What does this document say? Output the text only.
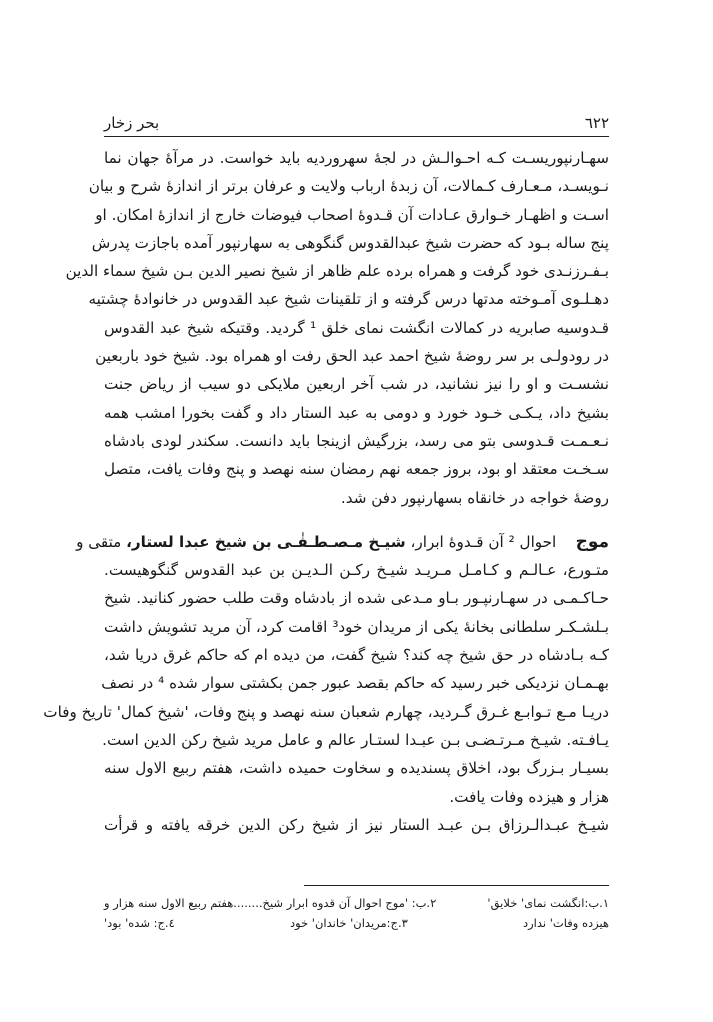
٦٢٢
بحر زخار
سهـارنپوریسـت کـه احـوالـش در لجۀ سهروردیه باید خواست. در مرآۀ جهان نما
نـویسـد، مـعـارف کـمالات، آن زبدۀ ارباب ولایت و عرفان برتر از اندازۀ شرح و بیان
اسـت و اظهـار خـوارق عـادات آن قـدوۀ اصحاب فیوضات خارج از اندازۀ امکان. او
پنج ساله بـود که حضرت شیخ عبدالقدوس گنگوهی به سهارنپور آمده باجازت پدرش
بـفـرزنـدی خود گرفت و همراه برده علم ظاهر از شیخ نصیر الدین بـن شیخ سماء الدین
دهـلـوی آمـوخته مدتها درس گرفته و از تلقینات شیخ عبد القدوس در خانوادۀ چشتیه
قـدوسیه صابریه در کمالات انگشت نمای خلق ¹ گردید. وقتیکه شیخ عبد القدوس
در رودولـی بر سر روضۀ شیخ احمد عبد الحق رفت او همراه بود. شیخ خود باربعین
نشسـت و او را نیز نشانید، در شب آخر اربعین ملایکی دو سیب از ریاض جنت
بشیخ داد، یـکـی خـود خورد و دومی به عبد الستار داد و گفت بخورا امشب همه
نـعـمـت قـدوسی بتو می رسد، بزرگیش ازینجا باید دانست. سکندر لودی بادشاه
سـخـت معتقد او بود، بروز جمعه نهم رمضان سنه نهصد و پنج وفات یافت، متصل
روضۀ خواجه در خانقاه بسهارنپور دفن شد.
موج    احوال ² آن قـدوۀ ابرار، شیـخ مـصـطـفٰـی بن شیخ عبدا لستار، متقی و
متـورع، عـالـم و کـامـل مـریـد شیـخ رکـن الـدیـن بن عبد القدوس گنگوهیست.
حـاکـمـی در سهـارنپـور بـاو مـدعی شده از بادشاه وقت طلب حضور کنانید. شیخ
بـلشـکـر سلطانی بخانۀ یکی از مریدان خود³ اقامت کرد، آن مرید تشویش داشت
کـه بـادشاه در حق شیخ چه کند؟ شیخ گفت، من دیده ام که حاکم غرق دریا شد،
بهـمـان نزدیکی خبر رسید که حاکم بقصد عبور جمن بکشتی سوار شده ⁴ در نصف
دریـا مـع تـوابـع غـرق گـردید، چهارم شعبان سنه نهصد و پنج وفات، 'شیخ کمال' تاریخ وفات
یـافـته. شیـخ مـرتـضـی بـن عبـدا لستـار عالم و عامل مرید شیخ رکن الدین است.
بسیـار بـزرگ بود، اخلاق پسندیده و سخاوت حمیده داشت، هفتم ربیع الاول سنه
هزار و هیزده وفات یافت.
شیـخ عبـدالـرزاق بـن عبـد الستار نیز از شیخ رکن الدین خرقه یافته و قرأت
١.ب:انگشت نمای' خلایق'
٢.ب: 'موج احوال آن قدوه ابرار شیخ........هفتم ربیع الاول سنه هزار و
هیزده وفات' ندارد
٣.ج:مریدان' خاندان' خود
٤.ج: شده' بود'
